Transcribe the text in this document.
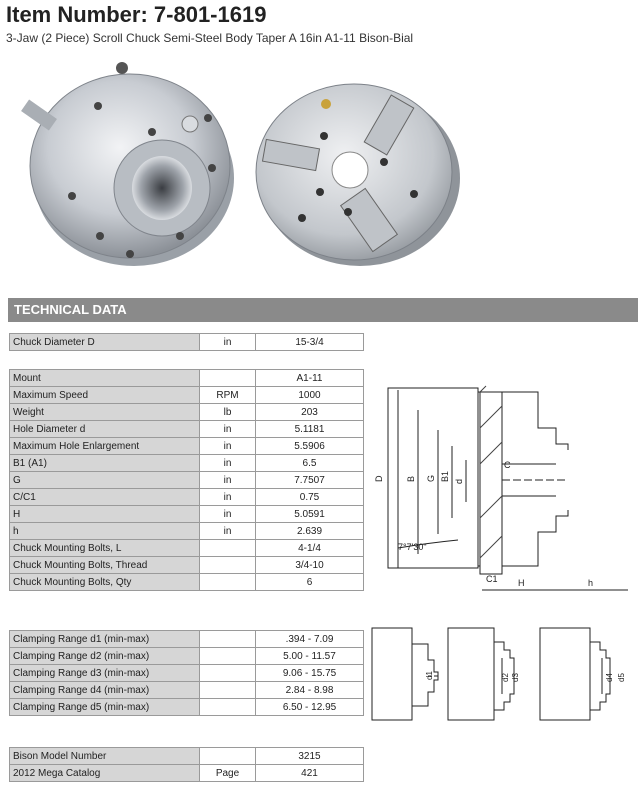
Item Number: 7-801-1619
3-Jaw (2 Piece) Scroll Chuck Semi-Steel Body Taper A 16in A1-11 Bison-Bial
TECHNICAL DATA
Chuck Diameter D	in	15-3/4
Mount		A1-11
Maximum Speed	RPM	1000
Weight	lb	203
Hole Diameter d	in	5.1181
Maximum Hole Enlargement	in	5.5906
B1 (A1)	in	6.5
G	in	7.7507
C/C1	in	0.75
H	in	5.0591
h	in	2.639
Chuck Mounting Bolts, L		4-1/4
Chuck Mounting Bolts, Thread		3/4-10
Chuck Mounting Bolts, Qty		6
Clamping Range d1 (min-max)		.394 - 7.09
Clamping Range d2 (min-max)		5.00 - 11.57
Clamping Range d3 (min-max)		9.06 - 15.75
Clamping Range d4 (min-max)		2.84 - 8.98
Clamping Range d5 (min-max)		6.50 - 12.95
Bison Model Number		3215
2012 Mega Catalog	Page	421
D B G B1 d
C
C1 H	h
7°7'30"
d1	d2 d3	d4 d5
